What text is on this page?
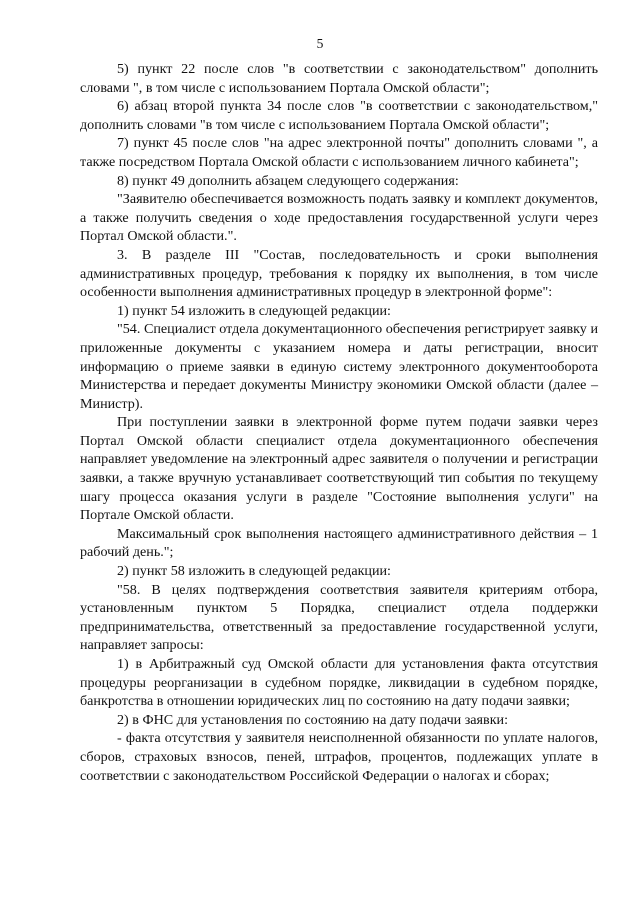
5

5) пункт 22 после слов "в соответствии с законодательством" дополнить словами ", в том числе с использованием Портала Омской области";

6) абзац второй пункта 34 после слов "в соответствии с законодательством," дополнить словами "в том числе с использованием Портала Омской области";

7) пункт 45 после слов "на адрес электронной почты" дополнить словами ", а также посредством Портала Омской области с использованием личного кабинета";

8) пункт 49 дополнить абзацем следующего содержания:

"Заявителю обеспечивается возможность подать заявку и комплект документов, а также получить сведения о ходе предоставления государственной услуги через Портал Омской области.".

3. В разделе III "Состав, последовательность и сроки выполнения административных процедур, требования к порядку их выполнения, в том числе особенности выполнения административных процедур в электронной форме":

1) пункт 54 изложить в следующей редакции:

"54. Специалист отдела документационного обеспечения регистрирует заявку и приложенные документы с указанием номера и даты регистрации, вносит информацию о приеме заявки в единую систему электронного документооборота Министерства и передает документы Министру экономики Омской области (далее – Министр).

При поступлении заявки в электронной форме путем подачи заявки через Портал Омской области специалист отдела документационного обеспечения направляет уведомление на электронный адрес заявителя о получении и регистрации заявки, а также вручную устанавливает соответствующий тип события по текущему шагу процесса оказания услуги в разделе "Состояние выполнения услуги" на Портале Омской области.

Максимальный срок выполнения настоящего административного действия – 1 рабочий день.";

2) пункт 58 изложить в следующей редакции:

"58. В целях подтверждения соответствия заявителя критериям отбора, установленным пунктом 5 Порядка, специалист отдела поддержки предпринимательства, ответственный за предоставление государственной услуги, направляет запросы:

1) в Арбитражный суд Омской области для установления факта отсутствия процедуры реорганизации в судебном порядке, ликвидации в судебном порядке, банкротства в отношении юридических лиц по состоянию на дату подачи заявки;

2) в ФНС для установления по состоянию на дату подачи заявки:

- факта отсутствия у заявителя неисполненной обязанности по уплате налогов, сборов, страховых взносов, пеней, штрафов, процентов, подлежащих уплате в соответствии с законодательством Российской Федерации о налогах и сборах;
